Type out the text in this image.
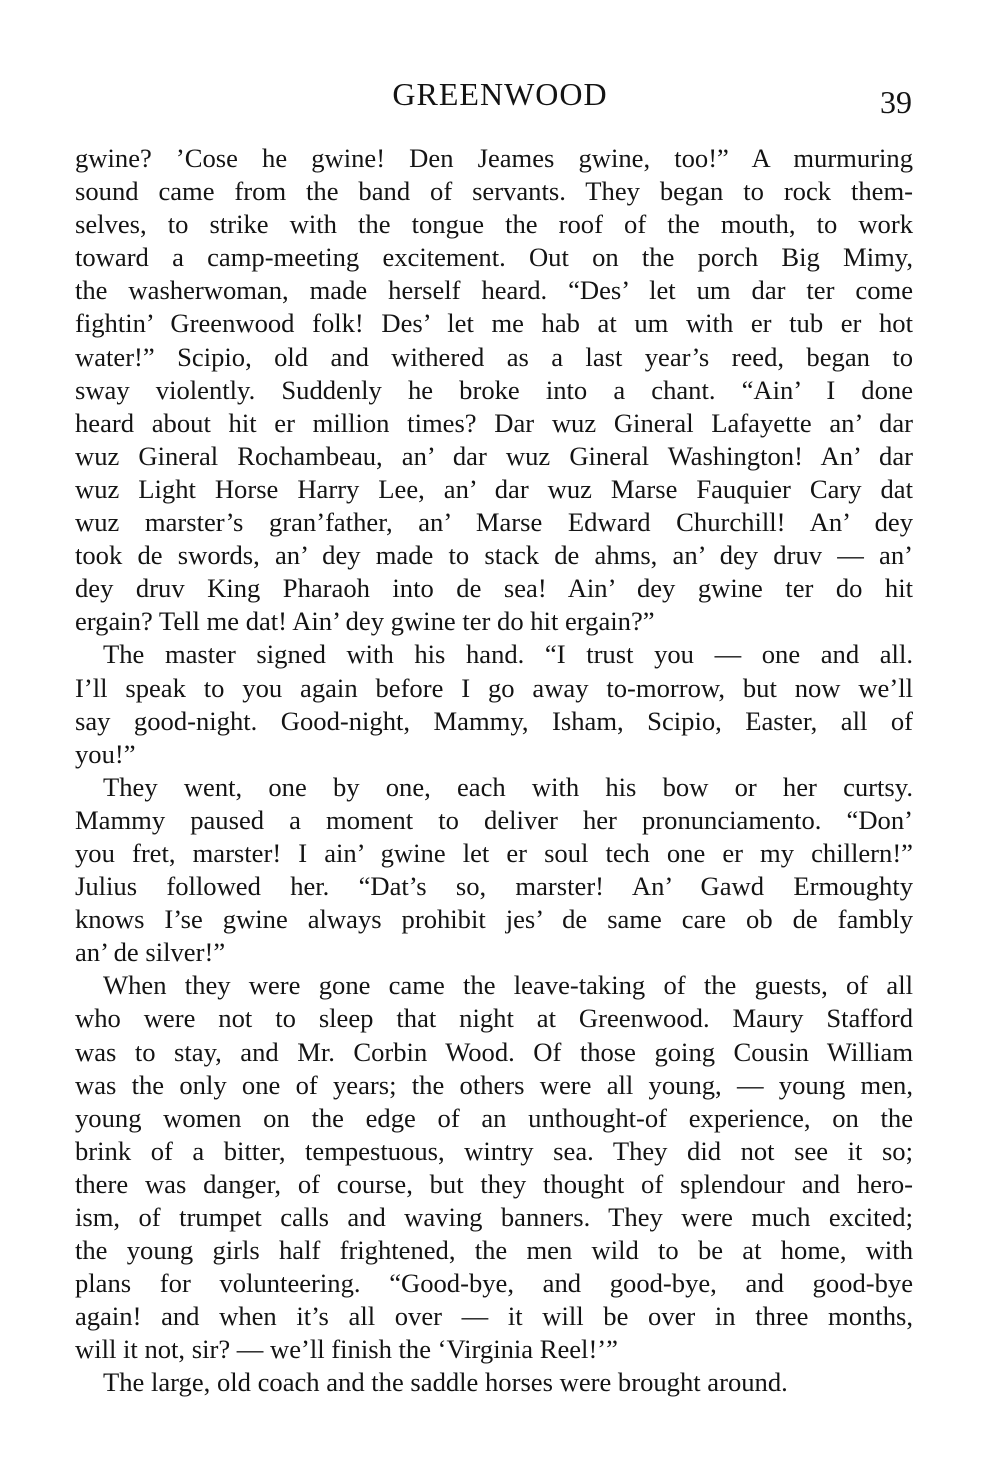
GREENWOOD	39
gwine? ’Cose he gwine! Den Jeames gwine, too!” A murmuring
sound came from the band of servants. They began to rock them-
selves, to strike with the tongue the roof of the mouth, to work
toward a camp-meeting excitement. Out on the porch Big Mimy,
the washerwoman, made herself heard. “Des’ let um dar ter come
fightin’ Greenwood folk! Des’ let me hab at um with er tub er hot
water!” Scipio, old and withered as a last year’s reed, began to
sway violently. Suddenly he broke into a chant. “Ain’ I done
heard about hit er million times? Dar wuz Gineral Lafayette an’ dar
wuz Gineral Rochambeau, an’ dar wuz Gineral Washington! An’ dar
wuz Light Horse Harry Lee, an’ dar wuz Marse Fauquier Cary dat
wuz marster’s gran’father, an’ Marse Edward Churchill! An’ dey
took de swords, an’ dey made to stack de ahms, an’ dey druv — an’
dey druv King Pharaoh into de sea! Ain’ dey gwine ter do hit
ergain? Tell me dat! Ain’ dey gwine ter do hit ergain?”
The master signed with his hand. “I trust you — one and all.
I’ll speak to you again before I go away to-morrow, but now we’ll
say good-night. Good-night, Mammy, Isham, Scipio, Easter, all of
you!”
They went, one by one, each with his bow or her curtsy.
Mammy paused a moment to deliver her pronunciamento. “Don’
you fret, marster! I ain’ gwine let er soul tech one er my chillern!”
Julius followed her. “Dat’s so, marster! An’ Gawd Ermoughty
knows I’se gwine always prohibit jes’ de same care ob de fambly
an’ de silver!”
When they were gone came the leave-taking of the guests, of all
who were not to sleep that night at Greenwood. Maury Stafford
was to stay, and Mr. Corbin Wood. Of those going Cousin William
was the only one of years; the others were all young, — young men,
young women on the edge of an unthought-of experience, on the
brink of a bitter, tempestuous, wintry sea. They did not see it so;
there was danger, of course, but they thought of splendour and hero-
ism, of trumpet calls and waving banners. They were much excited;
the young girls half frightened, the men wild to be at home, with
plans for volunteering. “Good-bye, and good-bye, and good-bye
again! and when it’s all over — it will be over in three months,
will it not, sir? — we’ll finish the ‘Virginia Reel!’”
The large, old coach and the saddle horses were brought around.
